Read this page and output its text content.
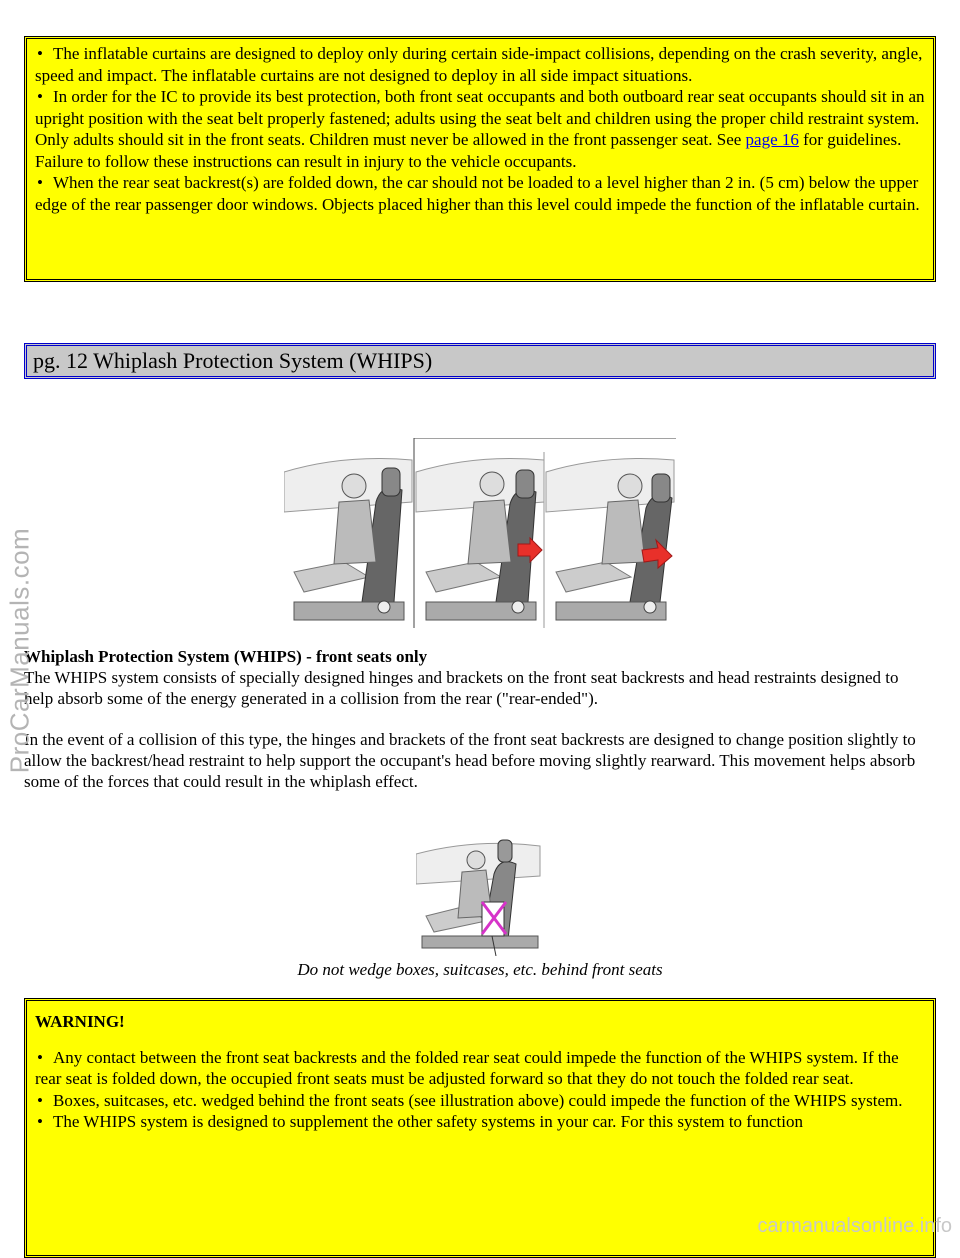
• The inflatable curtains are designed to deploy only during certain side-impact collisions, depending on the crash severity, angle, speed and impact. The inflatable curtains are not designed to deploy in all side impact situations.
• In order for the IC to provide its best protection, both front seat occupants and both outboard rear seat occupants should sit in an upright position with the seat belt properly fastened; adults using the seat belt and children using the proper child restraint system. Only adults should sit in the front seats. Children must never be allowed in the front passenger seat. See page 16 for guidelines. Failure to follow these instructions can result in injury to the vehicle occupants.
• When the rear seat backrest(s) are folded down, the car should not be loaded to a level higher than 2 in. (5 cm) below the upper edge of the rear passenger door windows. Objects placed higher than this level could impede the function of the inflatable curtain.
pg. 12 Whiplash Protection System (WHIPS)
Whiplash Protection System (WHIPS) - front seats only
The WHIPS system consists of specially designed hinges and brackets on the front seat backrests and head restraints designed to help absorb some of the energy generated in a collision from the rear ("rear-ended").
In the event of a collision of this type, the hinges and brackets of the front seat backrests are designed to change position slightly to allow the backrest/head restraint to help support the occupant's head before moving slightly rearward. This movement helps absorb some of the forces that could result in the whiplash effect.
Do not wedge boxes, suitcases, etc. behind front seats
WARNING!
• Any contact between the front seat backrests and the folded rear seat could impede the function of the WHIPS system. If the rear seat is folded down, the occupied front seats must be adjusted forward so that they do not touch the folded rear seat.
• Boxes, suitcases, etc. wedged behind the front seats (see illustration above) could impede the function of the WHIPS system.
• The WHIPS system is designed to supplement the other safety systems in your car. For this system to function
ProCarManuals.com
carmanualsonline.info
